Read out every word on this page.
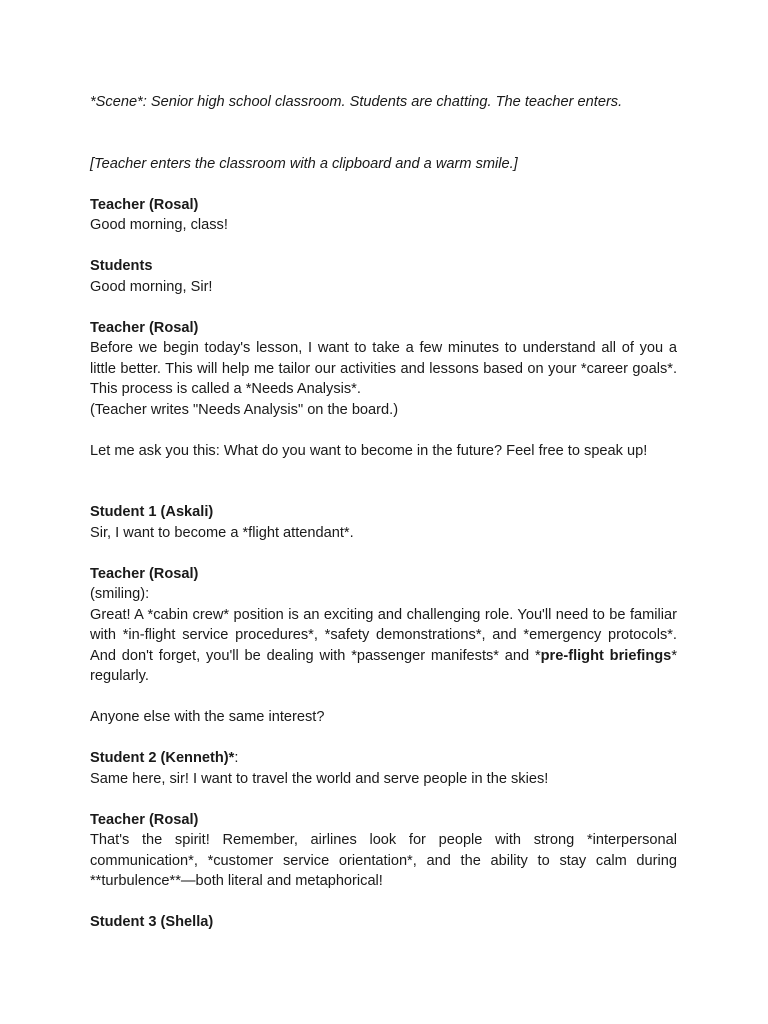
*Scene*: Senior high school classroom. Students are chatting. The teacher enters.

[Teacher enters the classroom with a clipboard and a warm smile.]

Teacher (Rosal)

Good morning, class!

Students

Good morning, Sir!

Teacher (Rosal)

Before we begin today's lesson, I want to take a few minutes to understand all of you a little better. This will help me tailor our activities and lessons based on your *career goals*. This process is called a *Needs Analysis*.

(Teacher writes "Needs Analysis" on the board.)

Let me ask you this: What do you want to become in the future? Feel free to speak up!

Student 1 (Askali)

Sir, I want to become a *flight attendant*.

Teacher (Rosal)

(smiling):

Great! A *cabin crew* position is an exciting and challenging role. You'll need to be familiar with *in-flight service procedures*, *safety demonstrations*, and *emergency protocols*. And don't forget, you'll be dealing with *passenger manifests* and *pre-flight briefings* regularly.

Anyone else with the same interest?

Student 2 (Kenneth)*:

Same here, sir! I want to travel the world and serve people in the skies!

Teacher (Rosal)

That's the spirit! Remember, airlines look for people with strong *interpersonal communication*, *customer service orientation*, and the ability to stay calm during **turbulence**—both literal and metaphorical!

Student 3 (Shella)
